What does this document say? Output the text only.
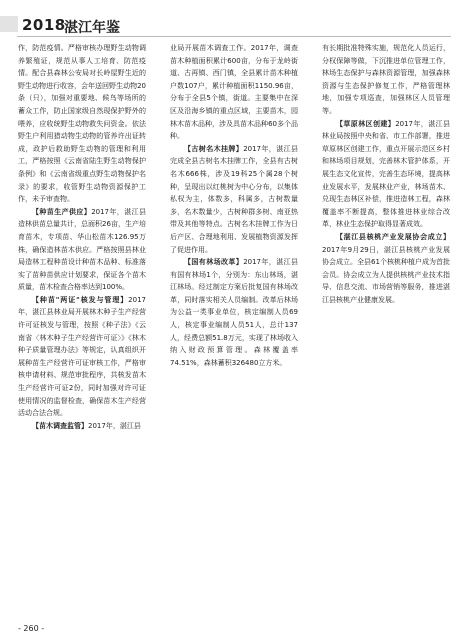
2018
湛江年鉴

作，防范疫情。严格审核办理野生动物调养繁殖证，规范从事人工培育、防范疫情。配合县森林公安局对长岭屋野生近的野生动物进行收容，会年送回野生动物20条（只），加强对重要地、候鸟等场所的蓄众工作，防止国家级自然现保护野外的喂养，应收统野生动物救失问资金。依法野生户利用猎动物生动物的管养许出证转成，政护后救助野生动物的管理和利用工，严格按照《云南省陆生野生动物保护条例》和《云南省级重点野生动物保护名录》的要求，收管野生动物资源保护工作，未予审查物。

【种苗生产供应】2017年，湛江县造林供苗总量共计，总面积26亩，生产培育苗木，专项苗、华山松苗木126.95万株，确保造林苗木供应。严格按照县林业局造林工程种苗设计种苗木品种、标准落实了苗种苗供应计划要求，保证各个苗木质量，苗木检查合格率达到100%。

【种苗"两证"核发与管理】2017年，湛江县林业局开展林木种子生产经营许可证核发与管理，按照《种子法》《云南省〈林木种子生产经营许可证〉》《林木种子质量管理办法》等规定，认真组织开展种苗生产经营许可证审核工作，严格审核申请材料、规范审批程序，共核发苗木生产经营许可证2份，同时加强对许可证使用情况的监督检查，确保苗木生产经营活动合法合规。

【苗木调查监管】2017年，湛江县

业局开展苗木调查工作。2017年，调查苗木种植面积累计600亩，分布于龙岭街道、古再镇、西门镇，全县累计苗木种植户数107户，累计种植面积1150.96亩，分布于全县5个镇，街道。主要集中在深区及沿海乡镇的重点区域，主要苗木，园林木苗木品种，涉及具苗木品种60多个品种。

【古树名木挂牌】2017年，湛江县完成全县古树名木挂牌工作，全县有古树名木666株，涉及19科25个属28个树种，呈现出以红桃树为中心分布，以集体私权为主，体数多，科属多，古树数量多，名木数量少，古树种群多树、南亚热带及其他等特点。古树名木挂牌工作为日后产区、合理地利用、发展植物资源发挥了促进作用。

【国有林场改革】2017年，湛江县有国有林场1个，分别为：东山林场，湛江林场。经过制定方案后批复国有林场改革，同时落实相关人员编制。改革后林场为公益一类事业单位，核定编制人员69人，核定事业编制人员51人，总计137人，经费总额51.8万元，实现了林场收入纳入财政预算管理。森林覆盖率74.51%，森林蓄积326480立方米。

有长期批准特殊实施，规范化人员运行，分权保障等做，下沉推进单位管理工作，林场生态保护与森林资源管理，加强森林资源与生态保护修复工作，严格管理林地，加强专项巡查，加强林区人员管理等。

【草原林区创建】2017年，湛江县林业局按照中央和省、市工作部署，推进草原林区创建工作，重点开展示范区乡村和林场项目规划，完善林木管护体系，开展生态文化宣传，完善生态环境，提高林业发展水平，发展林业产业，林场苗木、兑现生态林区补偿，推进造林工程，森林覆盖率不断提高，整体推进林业综合改革，林业生态保护取得显著成效。

【湛江县核桃产业发展协会成立】2017年9月29日，湛江县核桃产业发展协会成立。全县61个核桃种植户成为首批会员。协会成立为人提供核桃产业技术指导、信息交流、市场营销等服务，推进湛江县核桃产业健康发展。

- 260 -
